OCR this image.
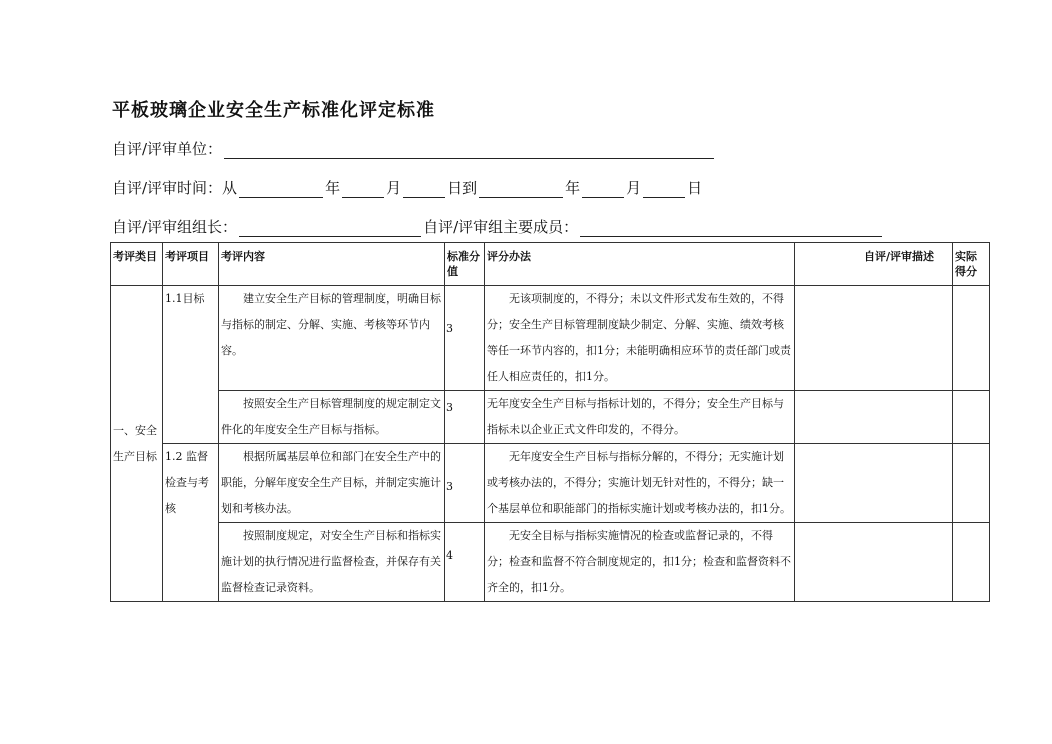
平板玻璃企业安全生产标准化评定标准
自评/评审单位：
自评/评审时间：从	年	月	日到	年	月	日
自评/评审组组长：	自评/评审组主要成员：
考评类目	考评项目	考评内容	标准分值	评分办法	自评/评审描述	实际得分

一、安全生产目标	1.1目标	建立安全生产目标的管理制度，明确目标与指标的制定、分解、实施、考核等环节内容。	3	无该项制度的，不得分；未以文件形式发布生效的，不得分；安全生产目标管理制度缺少制定、分解、实施、绩效考核等任一环节内容的，扣1分；未能明确相应环节的责任部门或责任人相应责任的，扣1分。		

		按照安全生产目标管理制度的规定制定文件化的年度安全生产目标与指标。	3	无年度安全生产目标与指标计划的，不得分；安全生产目标与指标未以企业正式文件印发的，不得分。		

	1.2 监督检查与考核	根据所属基层单位和部门在安全生产中的职能，分解年度安全生产目标，并制定实施计划和考核办法。	3	无年度安全生产目标与指标分解的，不得分；无实施计划或考核办法的，不得分；实施计划无针对性的，不得分；缺一个基层单位和职能部门的指标实施计划或考核办法的，扣1分。		

		按照制度规定，对安全生产目标和指标实施计划的执行情况进行监督检查，并保存有关监督检查记录资料。	4	无安全目标与指标实施情况的检查或监督记录的，不得分；检查和监督不符合制度规定的，扣1分；检查和监督资料不齐全的，扣1分。		
